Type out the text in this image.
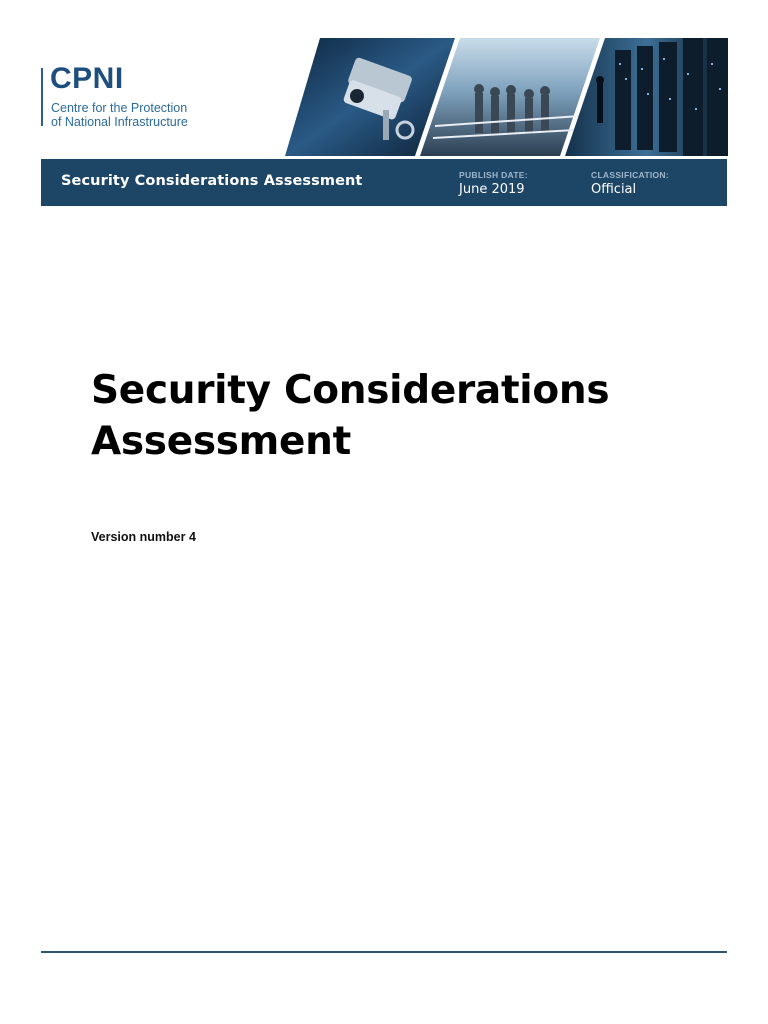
CPNI
Centre for the Protection
of National Infrastructure
Security Considerations Assessment	PUBLISH DATE:
June 2019
CLASSIFICATION:
Official
Security Considerations
Assessment
Version number 4
